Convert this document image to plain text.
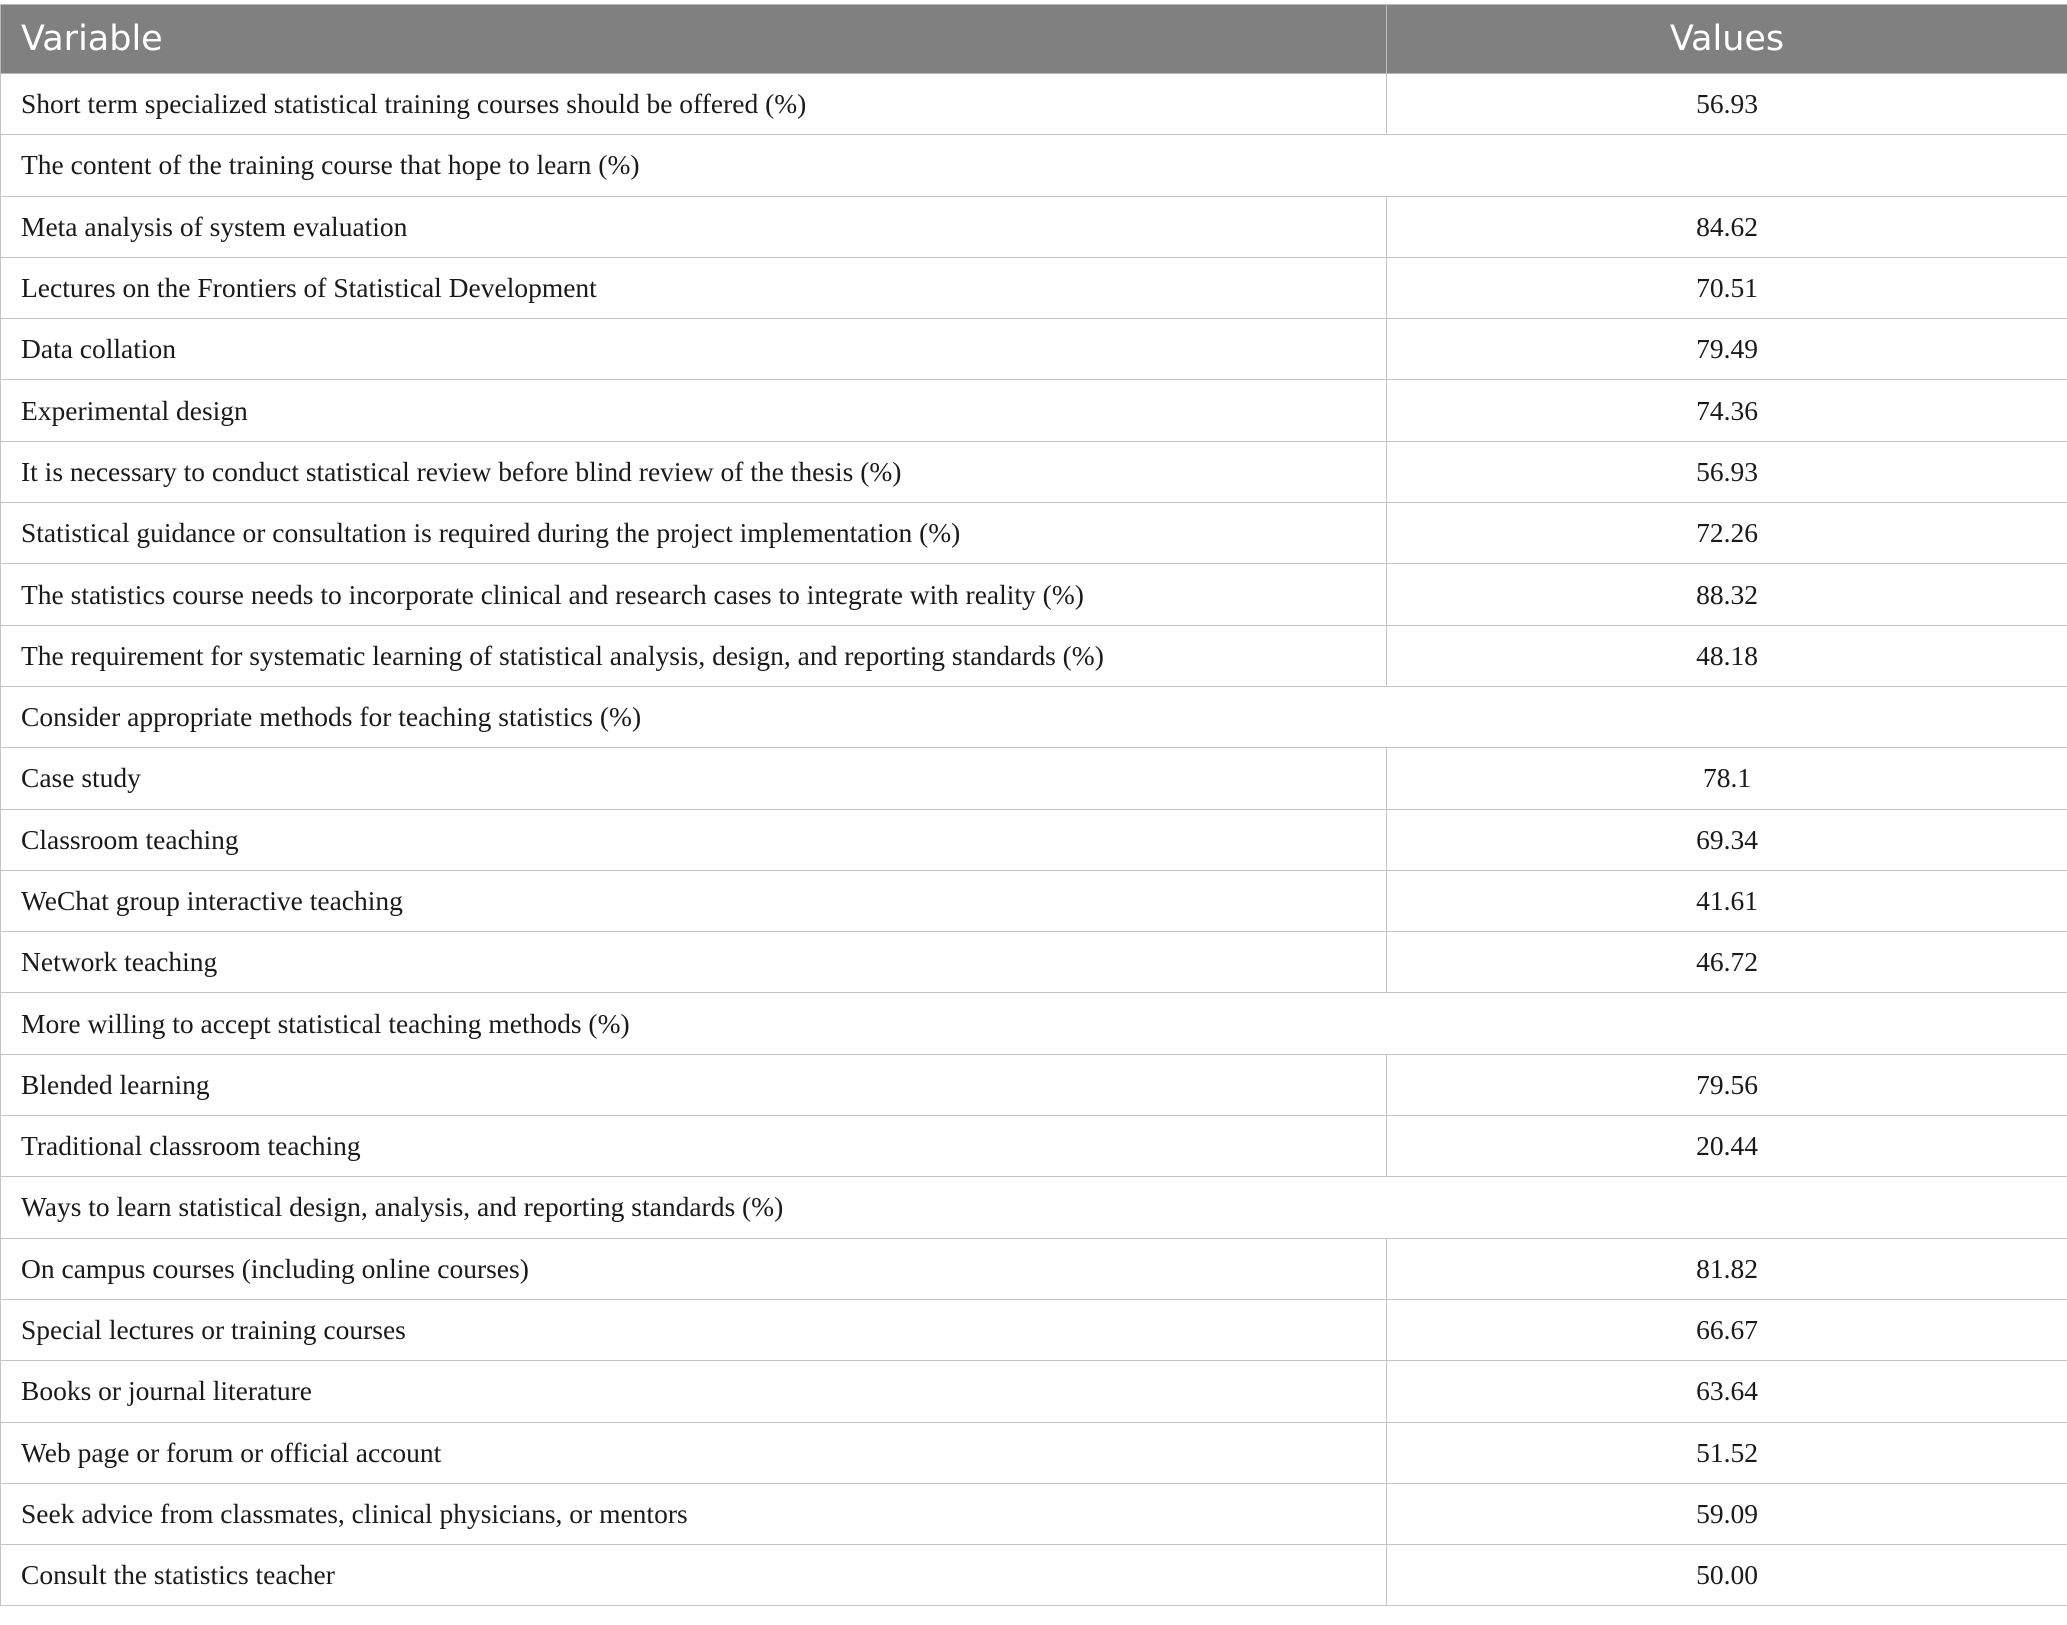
Variable	Values
Short term specialized statistical training courses should be offered (%)	56.93
The content of the training course that hope to learn (%)	
Meta analysis of system evaluation	84.62
Lectures on the Frontiers of Statistical Development	70.51
Data collation	79.49
Experimental design	74.36
It is necessary to conduct statistical review before blind review of the thesis (%)	56.93
Statistical guidance or consultation is required during the project implementation (%)	72.26
The statistics course needs to incorporate clinical and research cases to integrate with reality (%)	88.32
The requirement for systematic learning of statistical analysis, design, and reporting standards (%)	48.18
Consider appropriate methods for teaching statistics (%)	
Case study	78.1
Classroom teaching	69.34
WeChat group interactive teaching	41.61
Network teaching	46.72
More willing to accept statistical teaching methods (%)	
Blended learning	79.56
Traditional classroom teaching	20.44
Ways to learn statistical design, analysis, and reporting standards (%)	
On campus courses (including online courses)	81.82
Special lectures or training courses	66.67
Books or journal literature	63.64
Web page or forum or official account	51.52
Seek advice from classmates, clinical physicians, or mentors	59.09
Consult the statistics teacher	50.00
